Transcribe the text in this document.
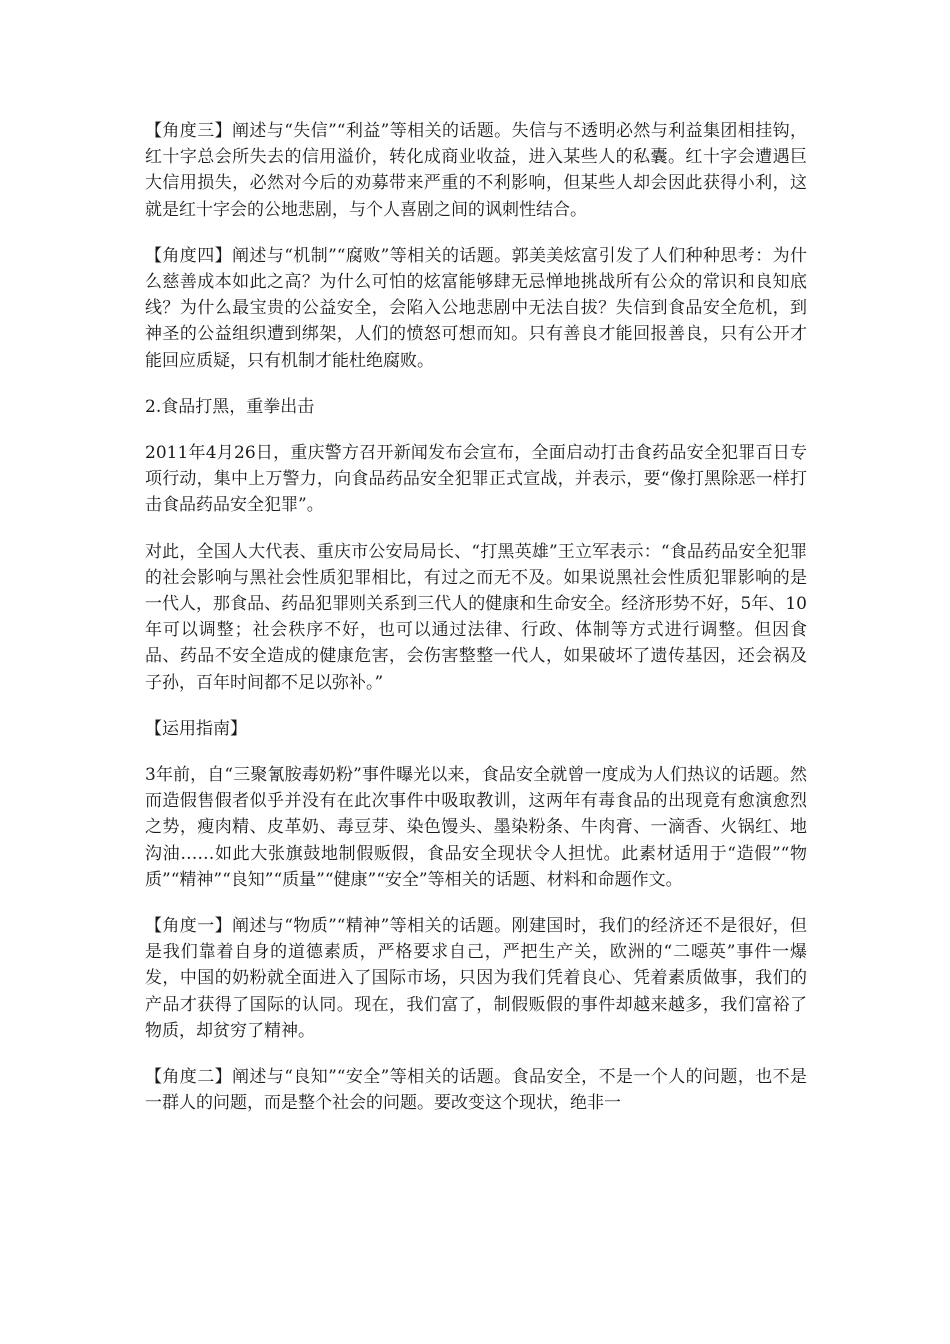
【角度三】阐述与“失信”“利益”等相关的话题。失信与不透明必然与利益集团相挂钩，红十字总会所失去的信用溢价，转化成商业收益，进入某些人的私囊。红十字会遭遇巨大信用损失，必然对今后的劝募带来严重的不利影响，但某些人却会因此获得小利，这就是红十字会的公地悲剧，与个人喜剧之间的讽刺性结合。

【角度四】阐述与“机制”“腐败”等相关的话题。郭美美炫富引发了人们种种思考：为什么慈善成本如此之高？为什么可怕的炫富能够肆无忌惮地挑战所有公众的常识和良知底线？为什么最宝贵的公益安全，会陷入公地悲剧中无法自拔？失信到食品安全危机，到神圣的公益组织遭到绑架，人们的愤怒可想而知。只有善良才能回报善良，只有公开才能回应质疑，只有机制才能杜绝腐败。

2.食品打黑，重拳出击

2011年4月26日，重庆警方召开新闻发布会宣布，全面启动打击食药品安全犯罪百日专项行动，集中上万警力，向食品药品安全犯罪正式宣战，并表示，要“像打黑除恶一样打击食品药品安全犯罪”。

对此，全国人大代表、重庆市公安局局长、“打黑英雄”王立军表示：“食品药品安全犯罪的社会影响与黑社会性质犯罪相比，有过之而无不及。如果说黑社会性质犯罪影响的是一代人，那食品、药品犯罪则关系到三代人的健康和生命安全。经济形势不好，5年、10年可以调整；社会秩序不好，也可以通过法律、行政、体制等方式进行调整。但因食品、药品不安全造成的健康危害，会伤害整整一代人，如果破坏了遗传基因，还会祸及子孙，百年时间都不足以弥补。”

【运用指南】

3年前，自“三聚氰胺毒奶粉”事件曝光以来，食品安全就曾一度成为人们热议的话题。然而造假售假者似乎并没有在此次事件中吸取教训，这两年有毒食品的出现竟有愈演愈烈之势，瘦肉精、皮革奶、毒豆芽、染色馒头、墨染粉条、牛肉膏、一滴香、火锅红、地沟油……如此大张旗鼓地制假贩假，食品安全现状令人担忧。此素材适用于“造假”“物质”“精神”“良知”“质量”“健康”“安全”等相关的话题、材料和命题作文。

【角度一】阐述与“物质”“精神”等相关的话题。刚建国时，我们的经济还不是很好，但是我们靠着自身的道德素质，严格要求自己，严把生产关，欧洲的“二噁英”事件一爆发，中国的奶粉就全面进入了国际市场，只因为我们凭着良心、凭着素质做事，我们的产品才获得了国际的认同。现在，我们富了，制假贩假的事件却越来越多，我们富裕了物质，却贫穷了精神。

【角度二】阐述与“良知”“安全”等相关的话题。食品安全，不是一个人的问题，也不是一群人的问题，而是整个社会的问题。要改变这个现状，绝非一
